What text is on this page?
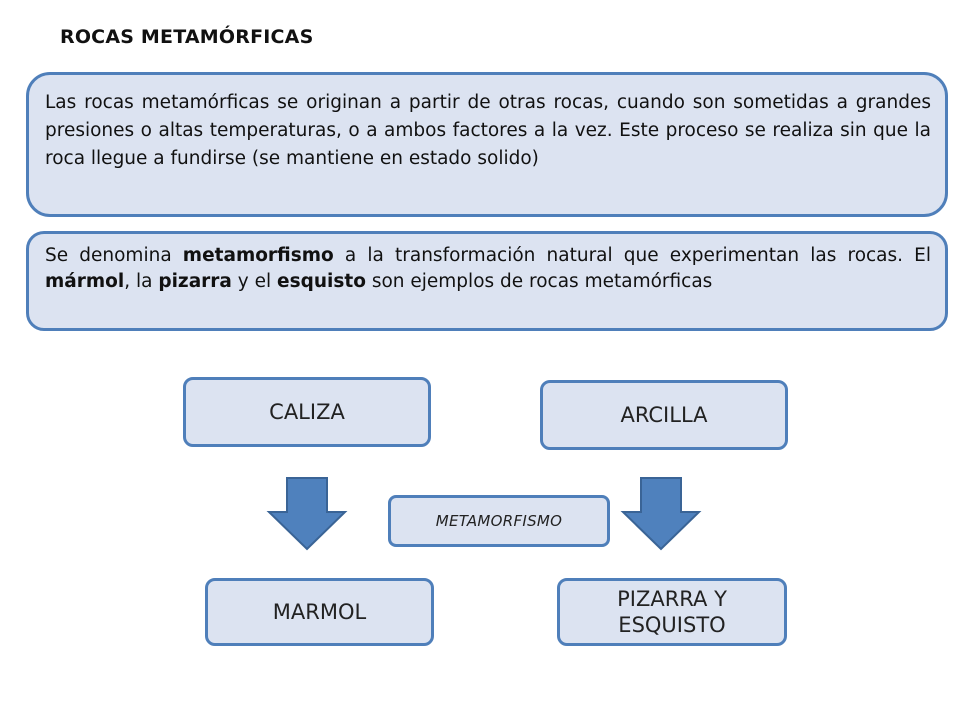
ROCAS METAMÓRFICAS
Las rocas metamórficas se originan a partir de otras rocas, cuando son sometidas a grandes presiones o altas temperaturas, o a ambos factores a la vez. Este proceso se realiza sin que la roca llegue a fundirse (se mantiene en estado solido)
Se denomina metamorfismo a la transformación natural que experimentan las rocas. El mármol, la pizarra y el esquisto son ejemplos de rocas metamórficas
CALIZA	ARCILLA
METAMORFISMO
MARMOL
PIZARRA Y ESQUISTO
